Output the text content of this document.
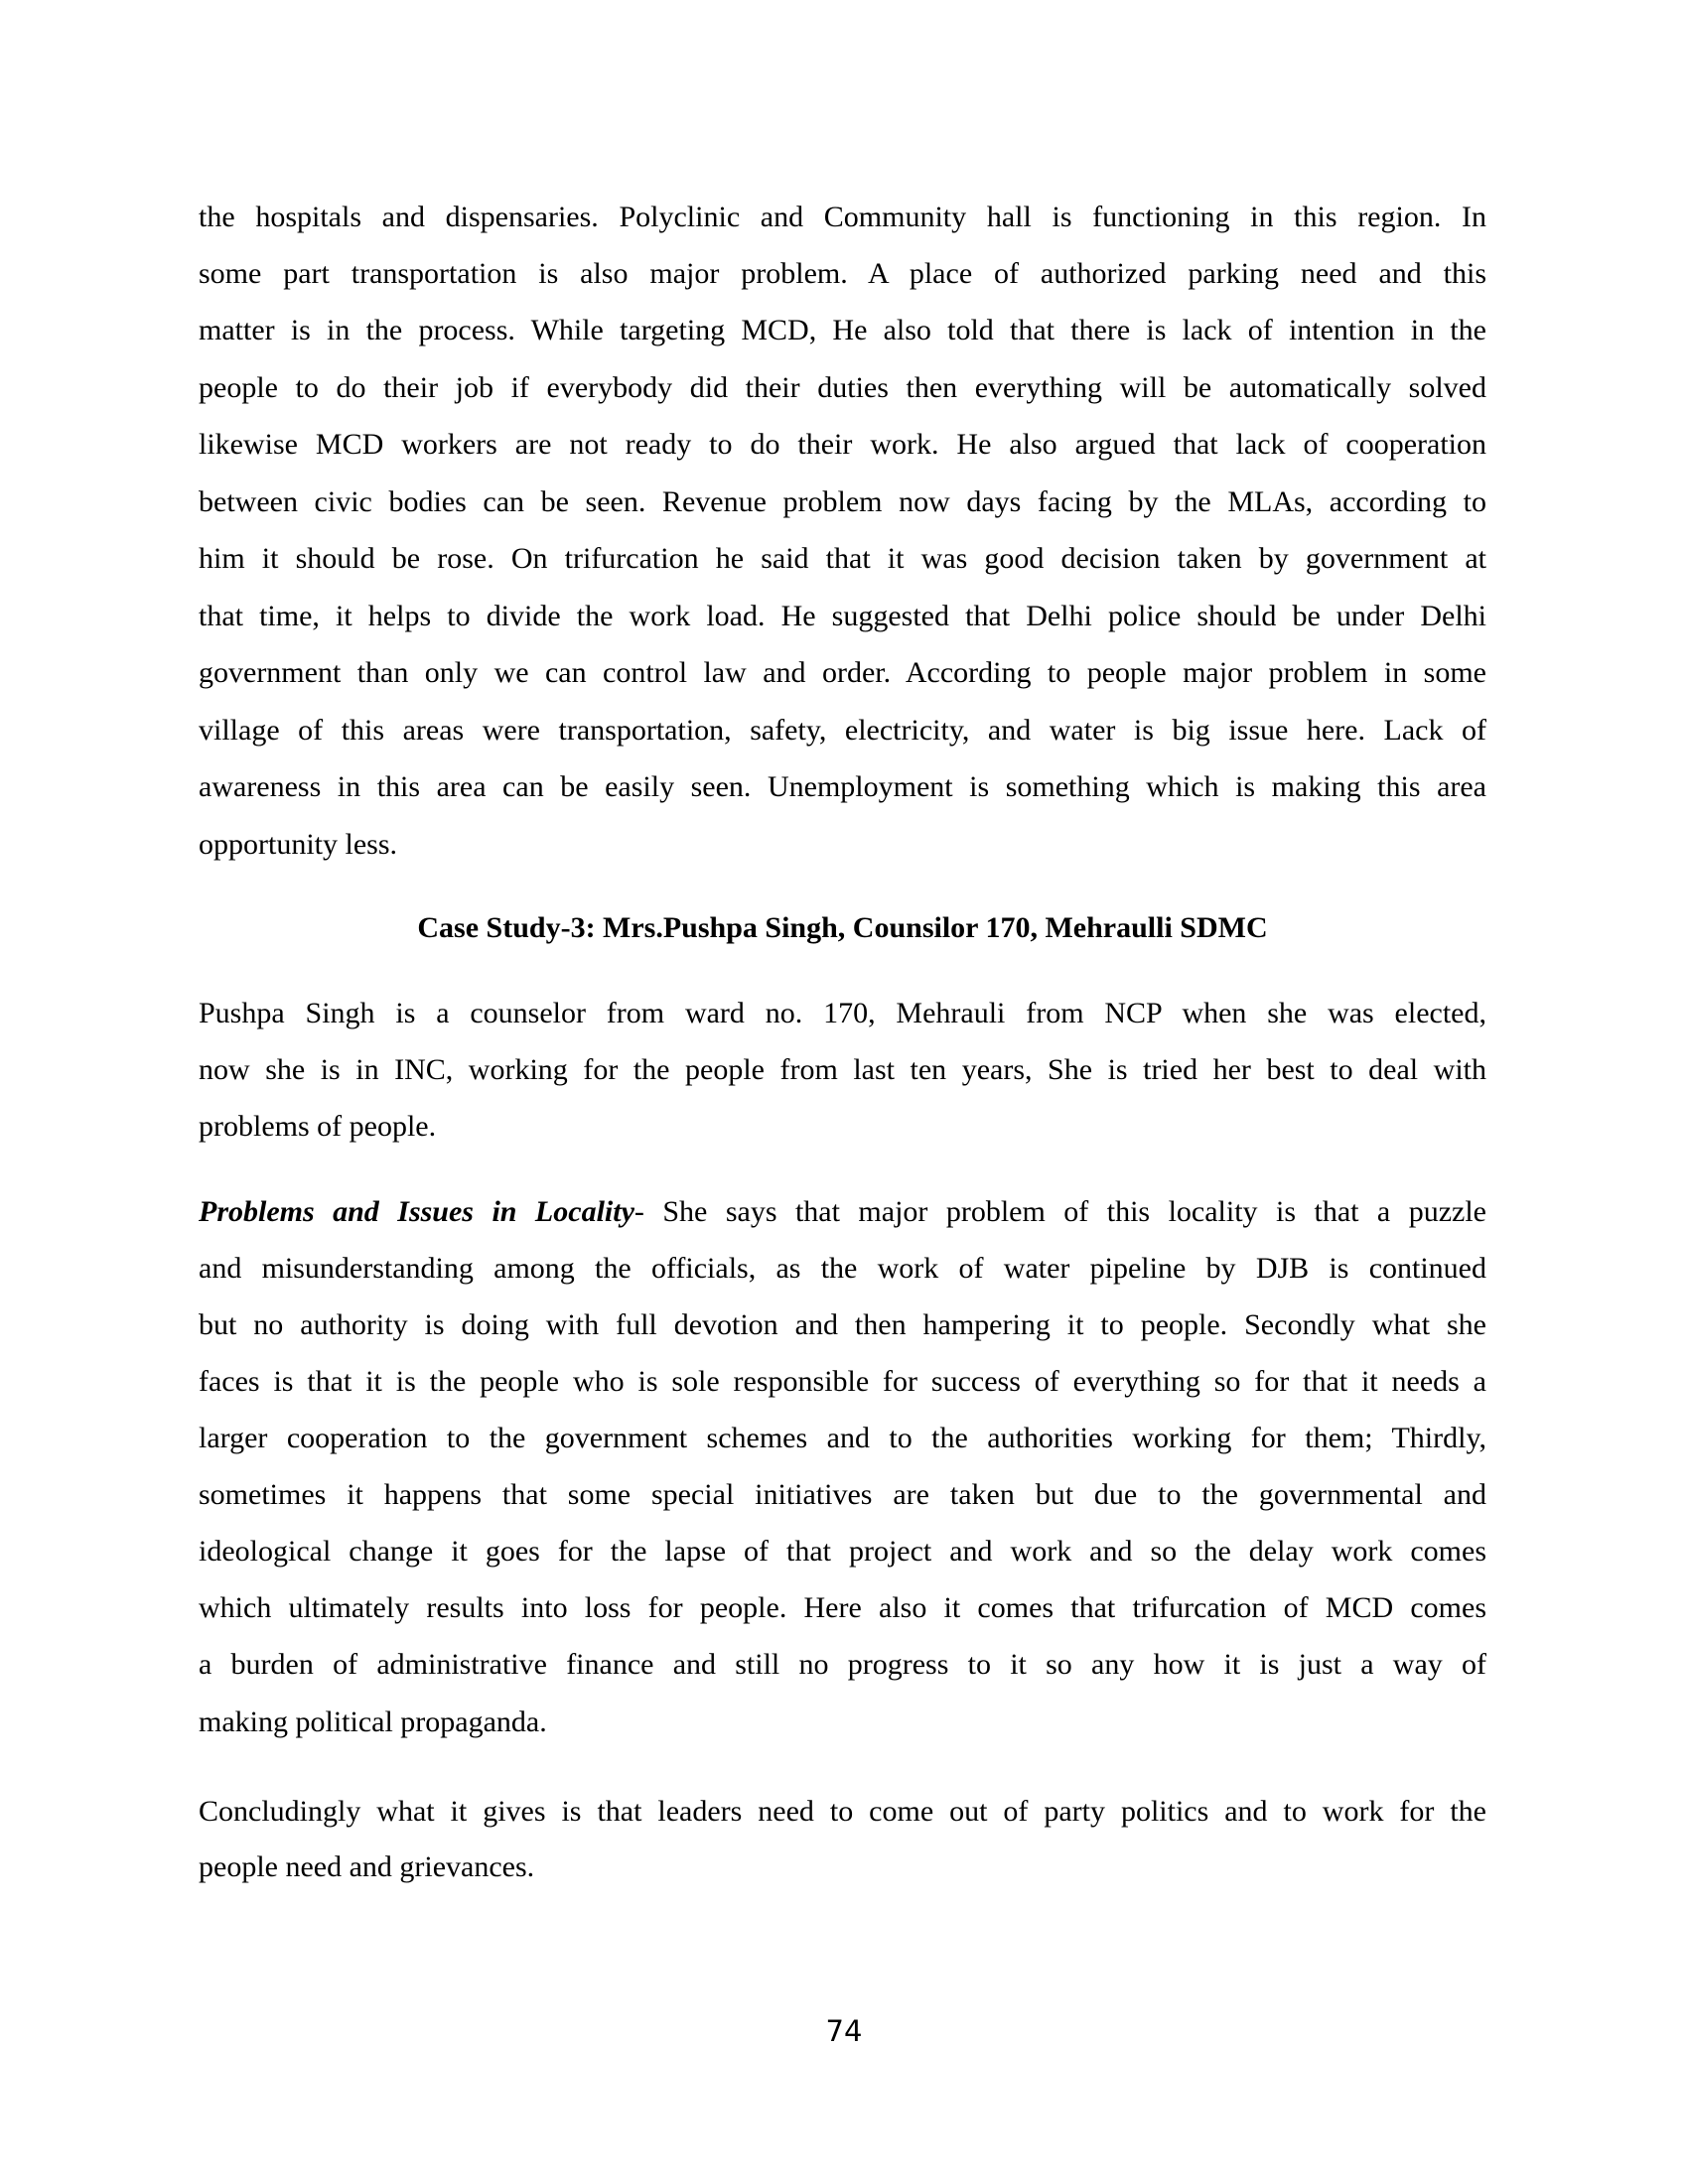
the hospitals and dispensaries. Polyclinic and Community hall is functioning in this region. In
some part transportation is also major problem. A place of authorized parking need and this
matter is in the process. While targeting MCD, He also told that there is lack of intention in the
people to do their job if everybody did their duties then everything will be automatically solved
likewise MCD workers are not ready to do their work. He also argued that lack of cooperation
between civic bodies can be seen. Revenue problem now days facing by the MLAs, according to
him it should be rose. On trifurcation he said that it was good decision taken by government at
that time, it helps to divide the work load. He suggested that Delhi police should be under Delhi
government than only we can control law and order. According to people major problem in some
village of this areas were transportation, safety, electricity, and water is big issue here. Lack of
awareness in this area can be easily seen. Unemployment is something which is making this area
opportunity less.
Case Study-3: Mrs.Pushpa Singh, Counsilor 170, Mehraulli SDMC
Pushpa Singh is a counselor from ward no. 170, Mehrauli from NCP when she was elected,
now she is in INC, working for the people from last ten years, She is tried her best to deal with
problems of people.
Problems and Issues in Locality- She says that major problem of this locality is that a puzzle
and misunderstanding among the officials, as the work of water pipeline by DJB is continued
but no authority is doing with full devotion and then hampering it to people. Secondly what she
faces is that it is the people who is sole responsible for success of everything so for that it needs a
larger cooperation to the government schemes and to the authorities working for them; Thirdly,
sometimes it happens that some special initiatives are taken but due to the governmental and
ideological change it goes for the lapse of that project and work and so the delay work comes
which ultimately results into loss for people. Here also it comes that trifurcation of MCD comes
a burden of administrative finance and still no progress to it so any how it is just a way of
making political propaganda.
Concludingly what it gives is that leaders need to come out of party politics and to work for the
people need and grievances.
74
